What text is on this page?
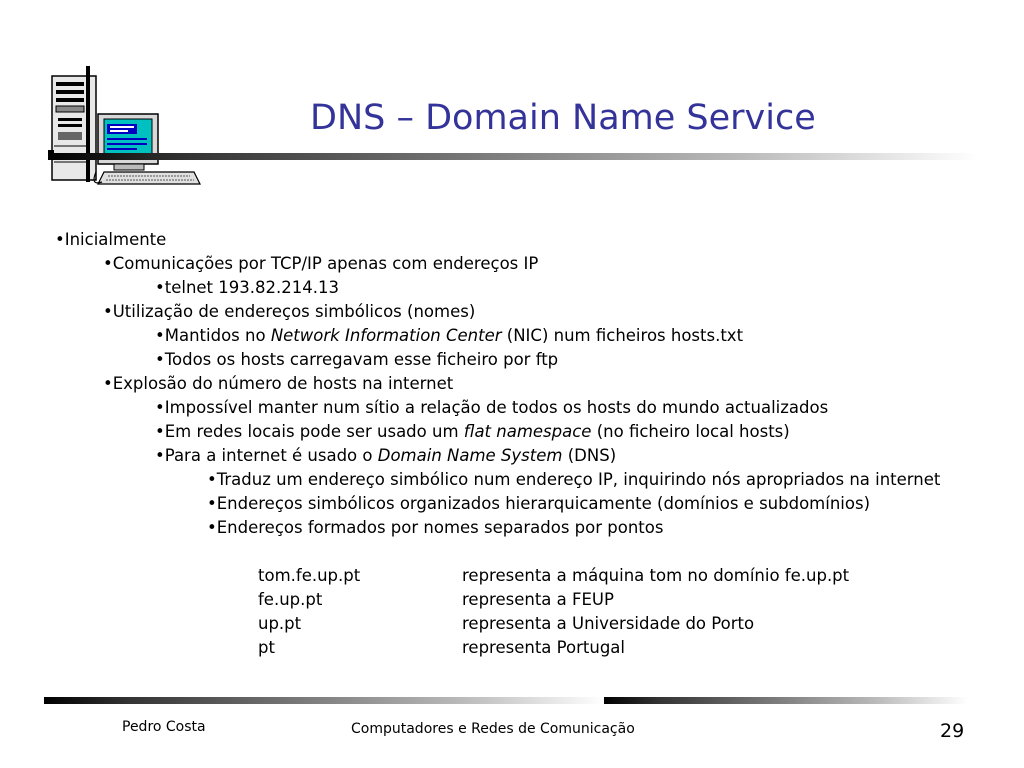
DNS – Domain Name Service
•Inicialmente
•Comunicações por TCP/IP apenas com endereços IP
•telnet 193.82.214.13
•Utilização de endereços simbólicos (nomes)
•Mantidos no Network Information Center (NIC) num ficheiros hosts.txt
•Todos os hosts carregavam esse ficheiro por ftp
•Explosão do número de hosts na internet
•Impossível manter num sítio a relação de todos os hosts do mundo actualizados
•Em redes locais pode ser usado um flat namespace (no ficheiro local hosts)
•Para a internet é usado o Domain Name System (DNS)
•Traduz um endereço simbólico num endereço IP, inquirindo nós apropriados na internet
•Endereços simbólicos organizados hierarquicamente (domínios e subdomínios)
•Endereços formados por nomes separados por pontos
tom.fe.up.pt	representa a máquina tom no domínio fe.up.pt
fe.up.pt	representa a FEUP
up.pt	representa a Universidade do Porto
pt	representa Portugal
Pedro Costa	Computadores e Redes de Comunicação	29
